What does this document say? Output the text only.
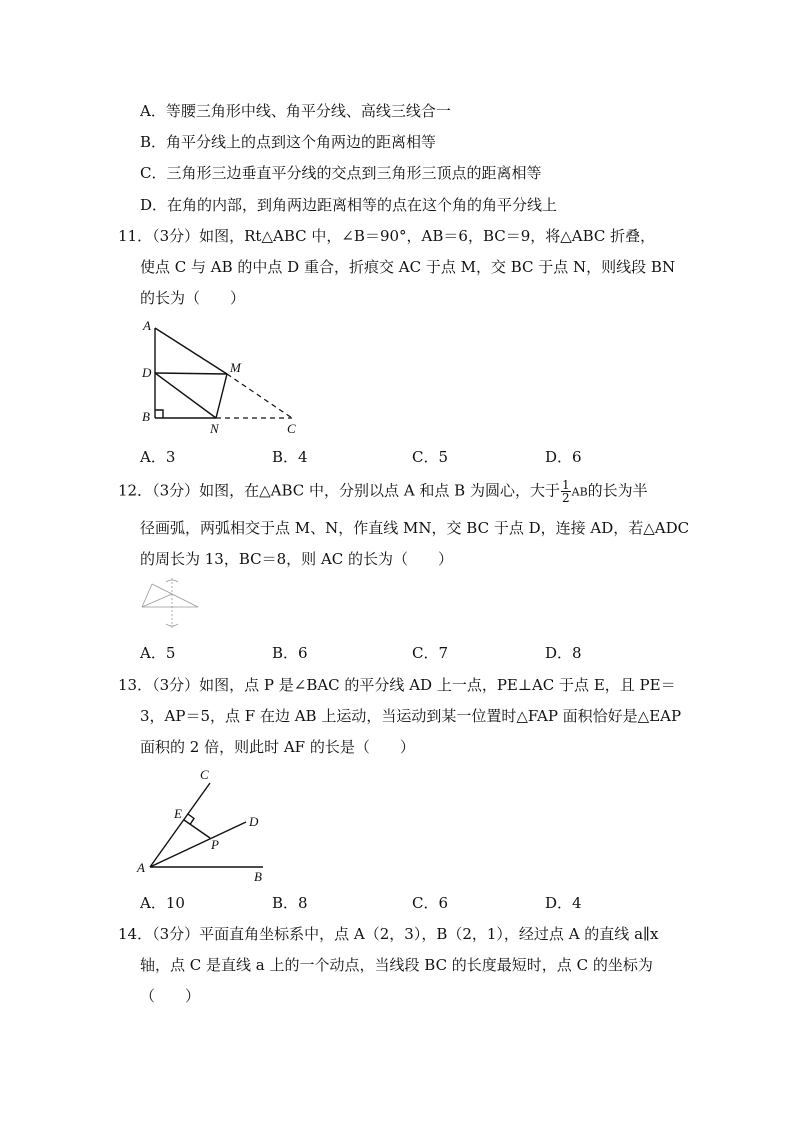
A．等腰三角形中线、角平分线、高线三线合一
B．角平分线上的点到这个角两边的距离相等
C．三角形三边垂直平分线的交点到三角形三顶点的距离相等
D．在角的内部，到角两边距离相等的点在这个角的角平分线上
11．（3分）如图，Rt△ABC 中，∠B＝90°，AB＝6，BC＝9，将△ABC 折叠，
使点 C 与 AB 的中点 D 重合，折痕交 AC 于点 M，交 BC 于点 N，则线段 BN
的长为（　　）
A
D	M
B
N	C
A．3	B．4	C．5	D．6
12．（3分）如图，在△ABC 中，分别以点 A 和点 B 为圆心，大于 $\frac{1}{2}$ AB的长为半
径画弧，两弧相交于点 M、N，作直线 MN，交 BC 于点 D，连接 AD，若△ADC
的周长为 13，BC＝8，则 AC 的长为（　　）
A．5	B．6	C．7	D．8
13．（3分）如图，点 P 是∠BAC 的平分线 AD 上一点，PE⊥AC 于点 E，且 PE＝
3，AP＝5，点 F 在边 AB 上运动，当运动到某一位置时△FAP 面积恰好是△EAP
面积的 2 倍，则此时 AF 的长是（　　）
C
E
D
P
A
B
A．10	B．8	C．6	D．4
14．（3分）平面直角坐标系中，点 A（2，3），B（2，1），经过点 A 的直线 a∥x
轴，点 C 是直线 a 上的一个动点，当线段 BC 的长度最短时，点 C 的坐标为
（　　）
